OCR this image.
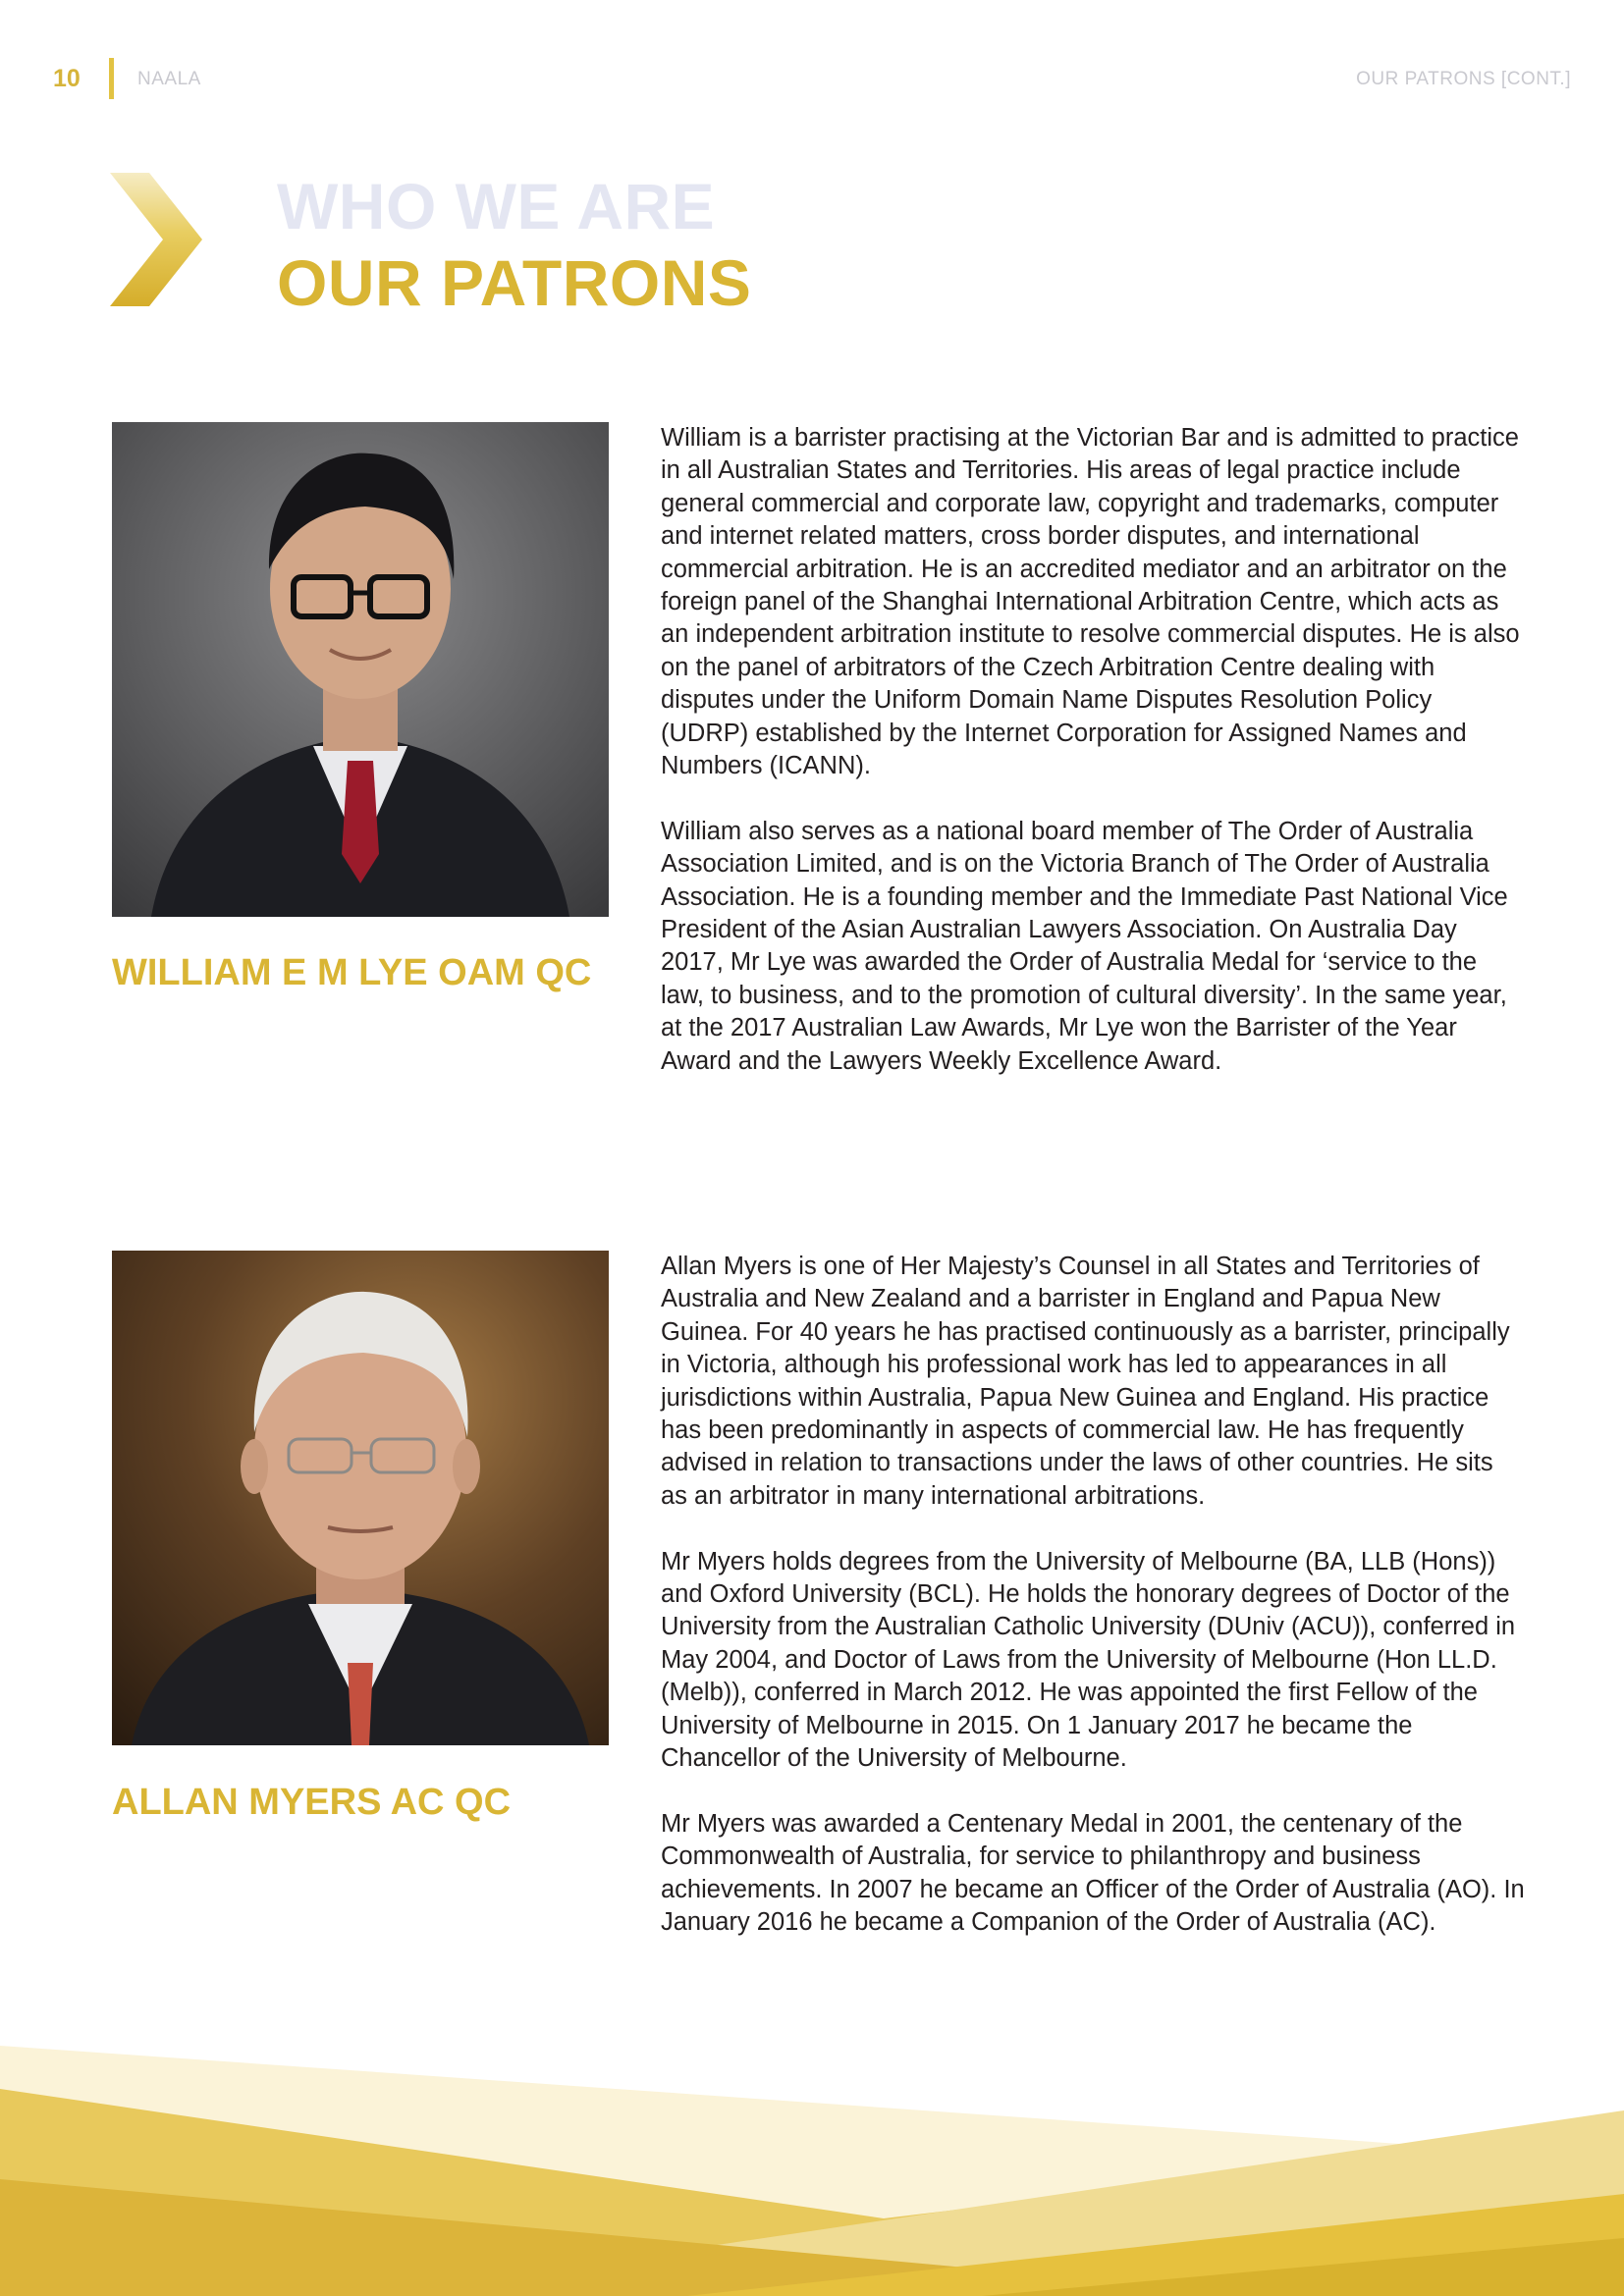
10	NAALA	OUR PATRONS [CONT.]
WHO WE ARE
OUR PATRONS
WILLIAM E M LYE OAM QC

William is a barrister practising at the Victorian Bar and is admitted to practice in all Australian States and Territories. His areas of legal practice include general commercial and corporate law, copyright and trademarks, computer and internet related matters, cross border disputes, and international commercial arbitration. He is an accredited mediator and an arbitrator on the foreign panel of the Shanghai International Arbitration Centre, which acts as an independent arbitration institute to resolve commercial disputes. He is also on the panel of arbitrators of the Czech Arbitration Centre dealing with disputes under the Uniform Domain Name Disputes Resolution Policy (UDRP) established by the Internet Corporation for Assigned Names and Numbers (ICANN).

William also serves as a national board member of The Order of Australia Association Limited, and is on the Victoria Branch of The Order of Australia Association. He is a founding member and the Immediate Past National Vice President of the Asian Australian Lawyers Association. On Australia Day 2017, Mr Lye was awarded the Order of Australia Medal for ‘service to the law, to business, and to the promotion of cultural diversity’. In the same year, at the 2017 Australian Law Awards, Mr Lye won the Barrister of the Year Award and the Lawyers Weekly Excellence Award.

ALLAN MYERS AC QC

Allan Myers is one of Her Majesty’s Counsel in all States and Territories of Australia and New Zealand and a barrister in England and Papua New Guinea. For 40 years he has practised continuously as a barrister, principally in Victoria, although his professional work has led to appearances in all jurisdictions within Australia, Papua New Guinea and England. His practice has been predominantly in aspects of commercial law. He has frequently advised in relation to transactions under the laws of other countries. He sits as an arbitrator in many international arbitrations.

Mr Myers holds degrees from the University of Melbourne (BA, LLB (Hons)) and Oxford University (BCL). He holds the honorary degrees of Doctor of the University from the Australian Catholic University (DUniv (ACU)), conferred in May 2004, and Doctor of Laws from the University of Melbourne (Hon LL.D. (Melb)), conferred in March 2012. He was appointed the first Fellow of the University of Melbourne in 2015. On 1 January 2017 he became the Chancellor of the University of Melbourne.

Mr Myers was awarded a Centenary Medal in 2001, the centenary of the Commonwealth of Australia, for service to philanthropy and business achievements. In 2007 he became an Officer of the Order of Australia (AO). In January 2016 he became a Companion of the Order of Australia (AC).
